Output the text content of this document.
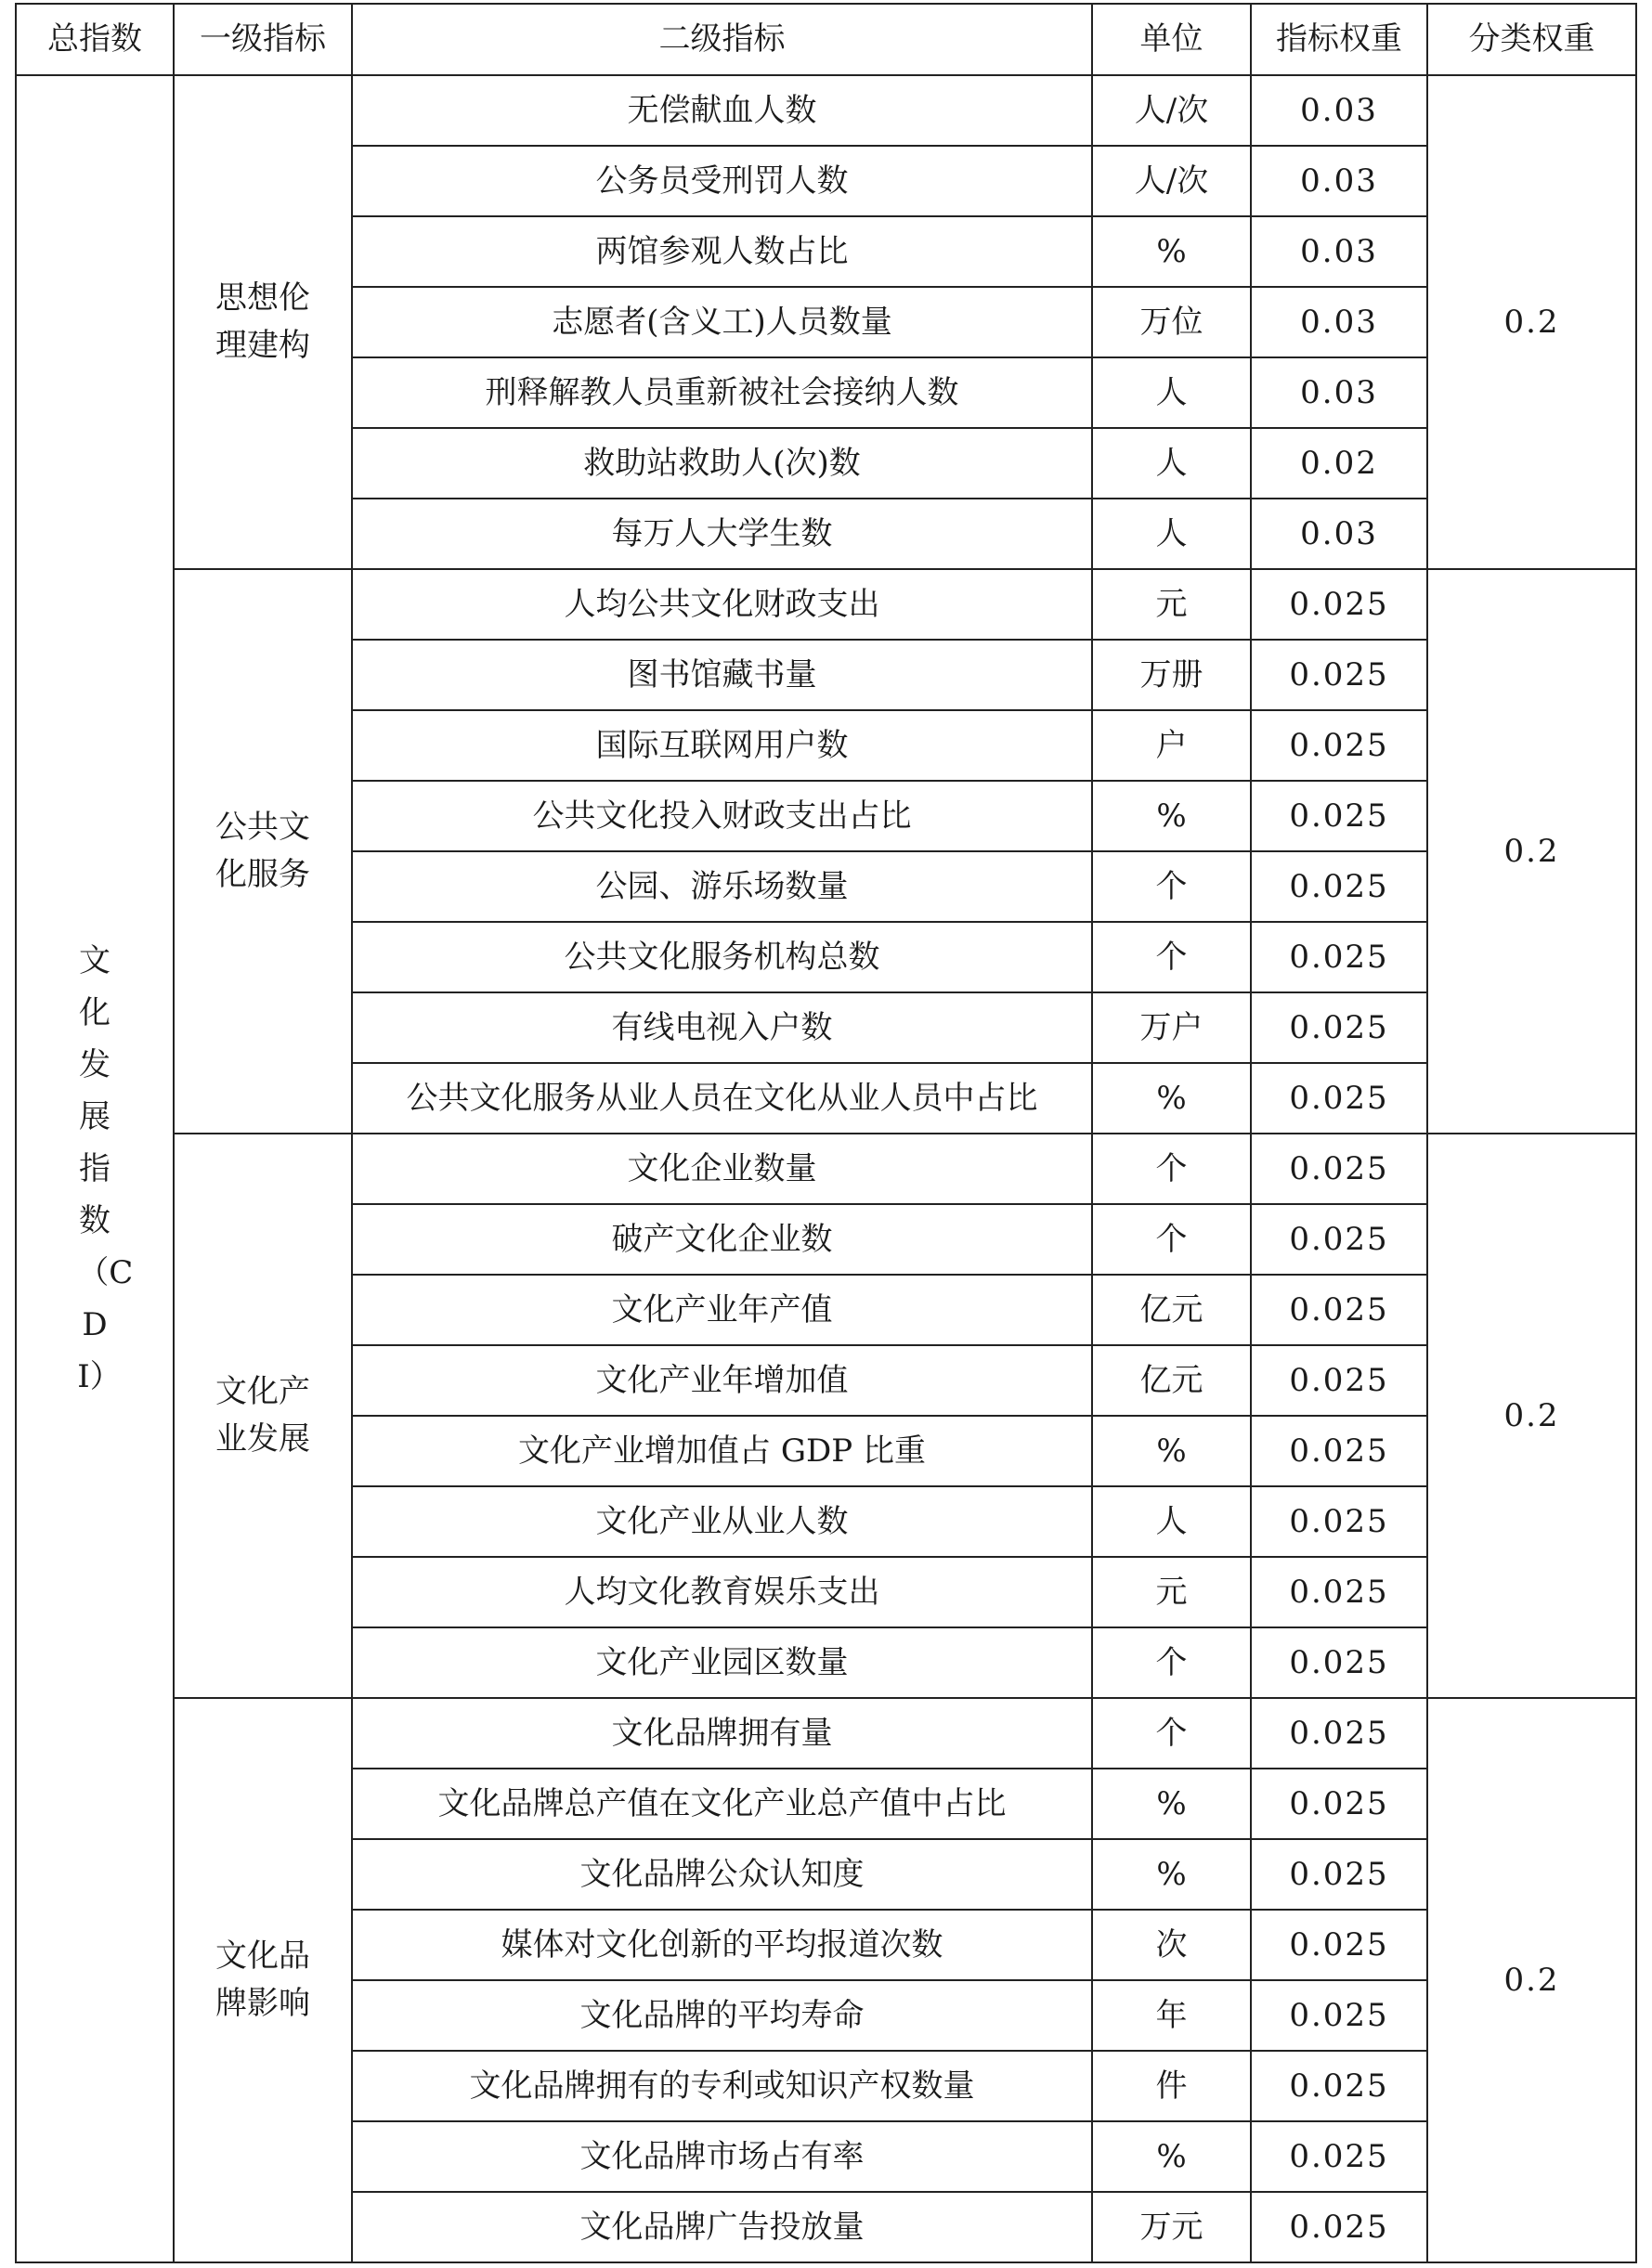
总指数	一级指标	二级指标	单位	指标权重	分类权重
文化发展指数（CDI）	思想伦理建构	无偿献血人数	人/次	0.03	0.2
		公务员受刑罚人数	人/次	0.03	
		两馆参观人数占比	%	0.03	
		志愿者(含义工)人员数量	万位	0.03	
		刑释解教人员重新被社会接纳人数	人	0.03	
		救助站救助人(次)数	人	0.02	
		每万人大学生数	人	0.03	
	公共文化服务	人均公共文化财政支出	元	0.025	0.2
		图书馆藏书量	万册	0.025	
		国际互联网用户数	户	0.025	
		公共文化投入财政支出占比	%	0.025	
		公园、游乐场数量	个	0.025	
		公共文化服务机构总数	个	0.025	
		有线电视入户数	万户	0.025	
		公共文化服务从业人员在文化从业人员中占比	%	0.025	
	文化产业发展	文化企业数量	个	0.025	0.2
		破产文化企业数	个	0.025	
		文化产业年产值	亿元	0.025	
		文化产业年增加值	亿元	0.025	
		文化产业增加值占 GDP 比重	%	0.025	
		文化产业从业人数	人	0.025	
		人均文化教育娱乐支出	元	0.025	
		文化产业园区数量	个	0.025	
	文化品牌影响	文化品牌拥有量	个	0.025	0.2
		文化品牌总产值在文化产业总产值中占比	%	0.025	
		文化品牌公众认知度	%	0.025	
		媒体对文化创新的平均报道次数	次	0.025	
		文化品牌的平均寿命	年	0.025	
		文化品牌拥有的专利或知识产权数量	件	0.025	
		文化品牌市场占有率	%	0.025	
		文化品牌广告投放量	万元	0.025	
